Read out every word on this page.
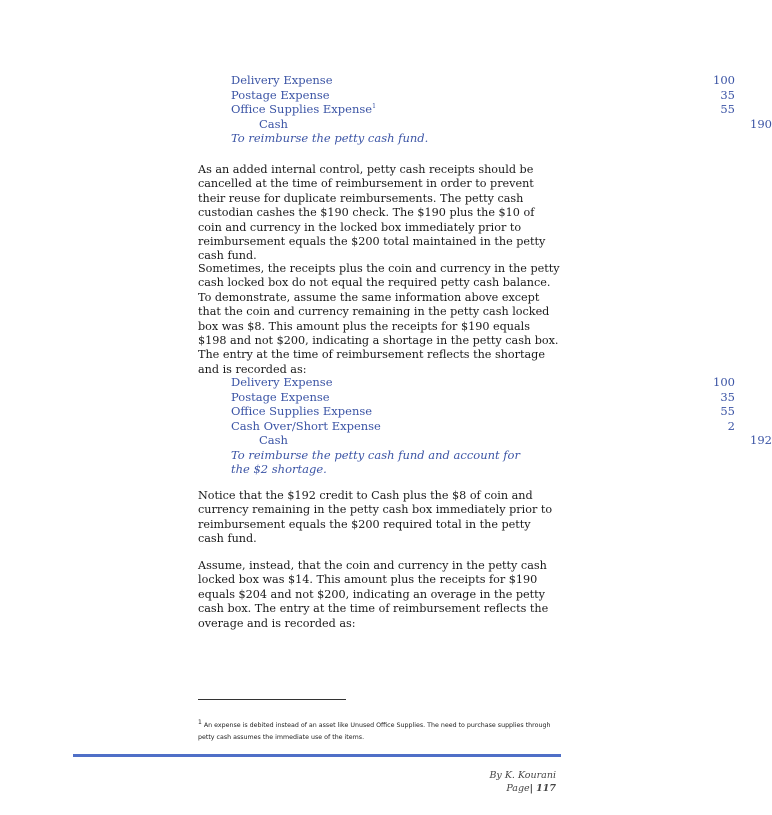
Delivery Expense	100
Postage Expense	35
Office Supplies Expense$^1$	55
Cash	190
To reimburse the petty cash fund.

As an added internal control, petty cash receipts should be cancelled at the time of reimbursement in order to prevent their reuse for duplicate reimbursements. The petty cash custodian cashes the $190 check. The $190 plus the $10 of coin and currency in the locked box immediately prior to reimbursement equals the $200 total maintained in the petty cash fund.

Sometimes, the receipts plus the coin and currency in the petty cash locked box do not equal the required petty cash balance. To demonstrate, assume the same information above except that the coin and currency remaining in the petty cash locked box was $8. This amount plus the receipts for $190 equals $198 and not $200, indicating a shortage in the petty cash box. The entry at the time of reimbursement reflects the shortage and is recorded as:

Delivery Expense	100
Postage Expense	35
Office Supplies Expense	55
Cash Over/Short Expense	2
Cash	192
To reimburse the petty cash fund and account for the $2 shortage.

Notice that the $192 credit to Cash plus the $8 of coin and currency remaining in the petty cash box immediately prior to reimbursement equals the $200 required total in the petty cash fund.

Assume, instead, that the coin and currency in the petty cash locked box was $14. This amount plus the receipts for $190 equals $204 and not $200, indicating an overage in the petty cash box. The entry at the time of reimbursement reflects the overage and is recorded as:

$^1$ An expense is debited instead of an asset like Unused Office Supplies. The need to purchase supplies through petty cash assumes the immediate use of the items.
By K. Kourani
Page| 117
